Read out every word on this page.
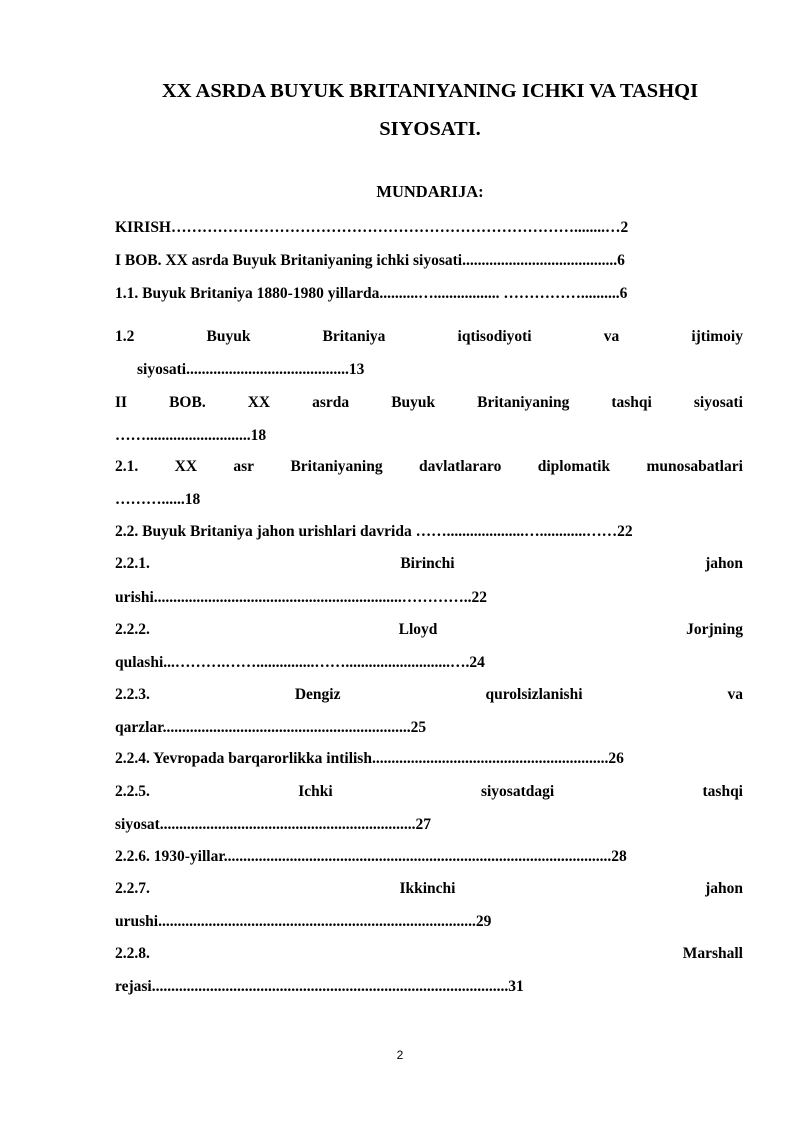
XX ASRDA BUYUK BRITANIYANING ICHKI VA TASHQI
SIYOSATI.
MUNDARIJA:
KIRISH……………………………………………………………………........…2
I BOB. XX asrda Buyuk Britaniyaning ichki siyosati........................................6
1.1. Buyuk Britaniya 1880-1980 yillarda..........…................. ……………..........6
1.2	Buyuk	Britaniya	iqtisodiyoti	va	ijtimoiy
siyosati..........................................13
II	BOB.	XX	asrda	Buyuk	Britaniyaning	tashqi	siyosati
……...........................18
2.1. XX asr Britaniyaning davlatlararo diplomatik munosabatlari
………......18
2.2. Buyuk Britaniya jahon urishlari davrida ……....................…............……22
2.2.1.	Birinchi	jahon
urishi................................................................…………..22
2.2.2.	Lloyd	Jorjning
qulashi...……….……...............……...........................….24
2.2.3.	Dengiz	qurolsizlanishi	va
qarzlar................................................................25
2.2.4. Yevropada barqarorlikka intilish.............................................................26
2.2.5.	Ichki	siyosatdagi	tashqi
siyosat..................................................................27
2.2.6. 1930-yillar....................................................................................................28
2.2.7.	Ikkinchi	jahon
urushi..................................................................................29
2.2.8.	Marshall
rejasi............................................................................................31
2
